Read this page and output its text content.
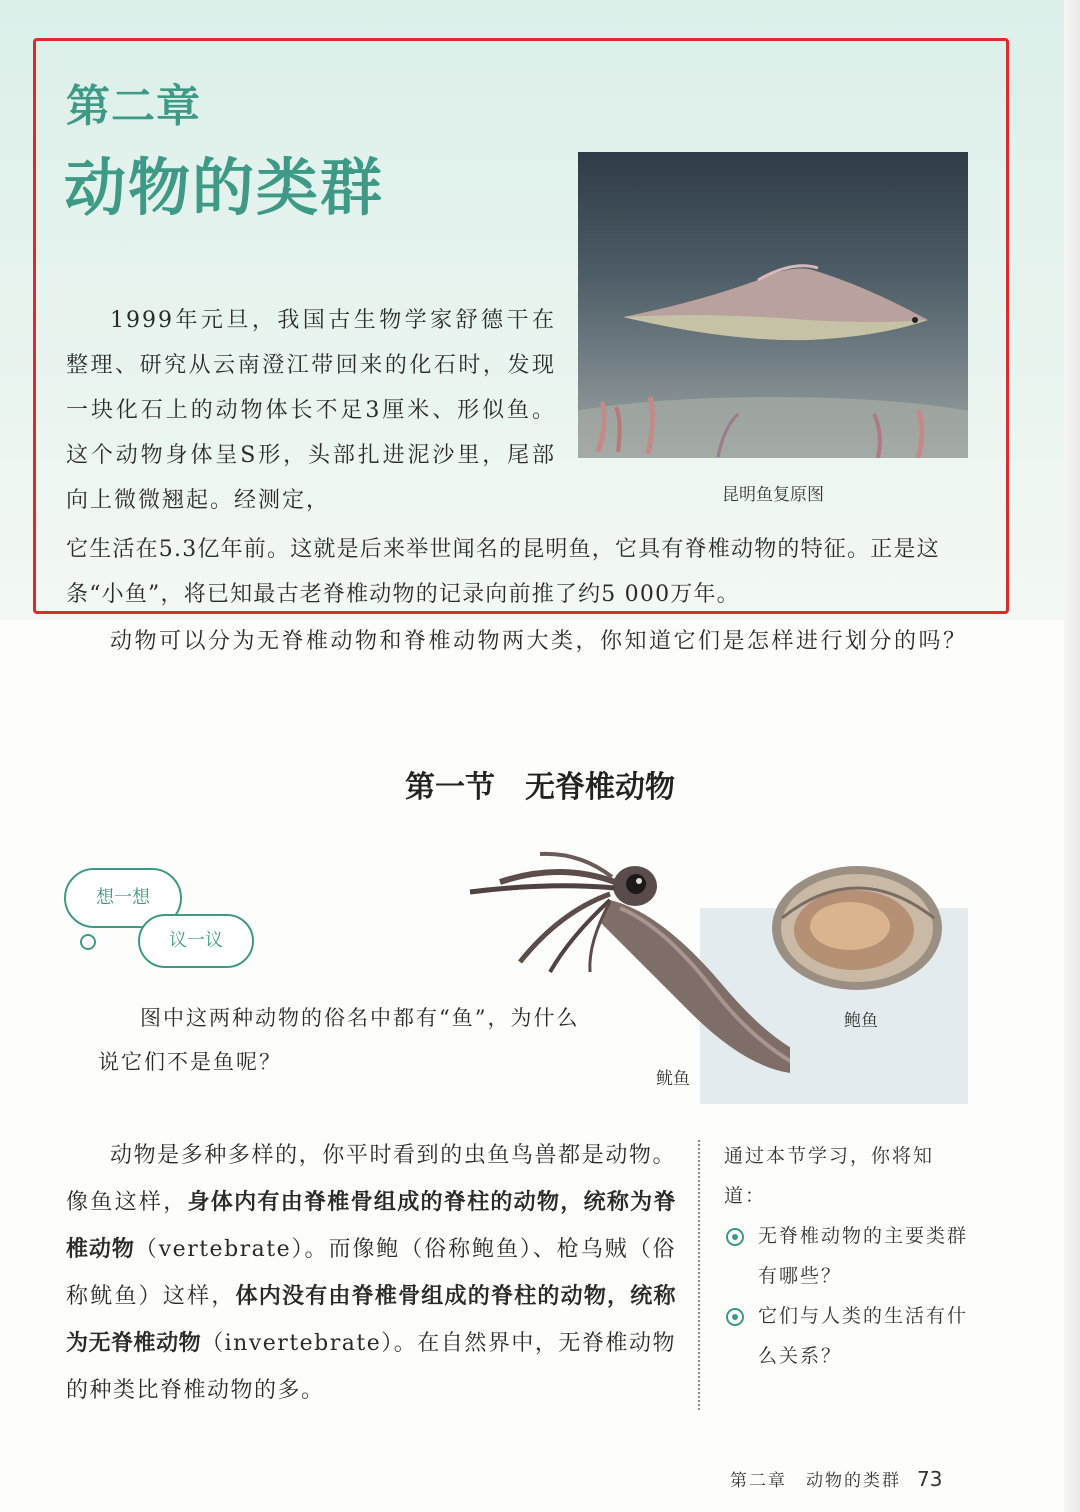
第二章
动物的类群
昆明鱼复原图
1999年元旦，我国古生物学家舒德干在整理、研究从云南澄江带回来的化石时，发现一块化石上的动物体长不足3厘米、形似鱼。这个动物身体呈S形，头部扎进泥沙里，尾部向上微微翘起。经测定，
它生活在5.3亿年前。这就是后来举世闻名的昆明鱼，它具有脊椎动物的特征。正是这条“小鱼”，将已知最古老脊椎动物的记录向前推了约5 000万年。
动物可以分为无脊椎动物和脊椎动物两大类，你知道它们是怎样进行划分的吗？
第一节　无脊椎动物
鲍鱼
鱿鱼
想一想
议一议
图中这两种动物的俗名中都有“鱼”，为什么说它们不是鱼呢？
动物是多种多样的，你平时看到的虫鱼鸟兽都是动物。像鱼这样，身体内有由脊椎骨组成的脊柱的动物，统称为脊椎动物（vertebrate）。而像鲍（俗称鲍鱼）、枪乌贼（俗称鱿鱼）这样，体内没有由脊椎骨组成的脊柱的动物，统称为无脊椎动物（invertebrate）。在自然界中，无脊椎动物的种类比脊椎动物的多。
通过本节学习，你将知道：
无脊椎动物的主要类群有哪些？
它们与人类的生活有什么关系？
第二章　动物的类群 73
